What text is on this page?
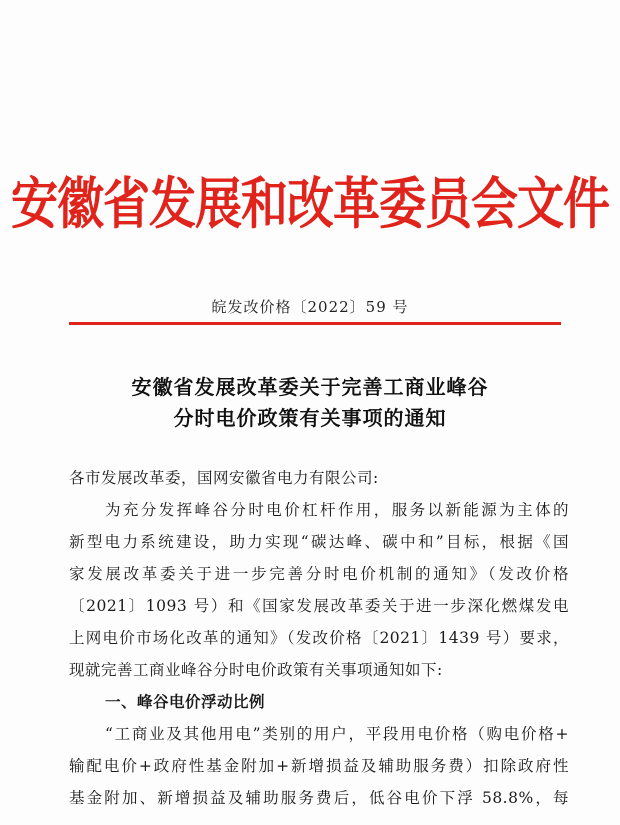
安徽省发展和改革委员会文件
皖发改价格〔2022〕59 号
安徽省发展改革委关于完善工商业峰谷
分时电价政策有关事项的通知
各市发展改革委，国网安徽省电力有限公司:
为充分发挥峰谷分时电价杠杆作用，服务以新能源为主体的
新型电力系统建设，助力实现“碳达峰、碳中和”目标，根据《国
家发展改革委关于进一步完善分时电价机制的通知》（发改价格
〔2021〕1093 号）和《国家发展改革委关于进一步深化燃煤发电
上网电价市场化改革的通知》（发改价格〔2021〕1439 号）要求，
现就完善工商业峰谷分时电价政策有关事项通知如下:
一、峰谷电价浮动比例
“工商业及其他用电”类别的用户，平段用电价格（购电价格+
输配电价+政府性基金附加+新增损益及辅助服务费）扣除政府性
基金附加、新增损益及辅助服务费后，低谷电价下浮 58.8%，每
